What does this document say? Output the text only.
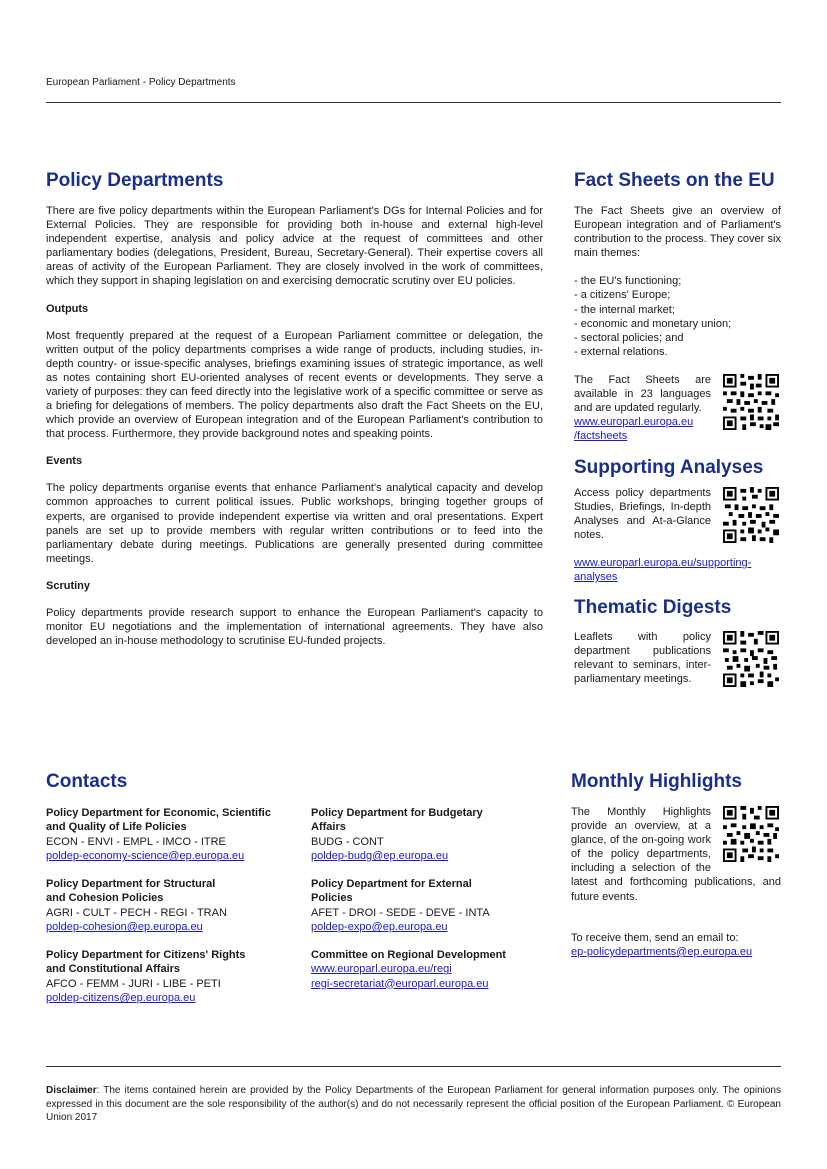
European Parliament - Policy Departments
Policy Departments

There are five policy departments within the European Parliament's DGs for Internal Policies and for External Policies. They are responsible for providing both in-house and external high-level independent expertise, analysis and policy advice at the request of committees and other parliamentary bodies (delegations, President, Bureau, Secretary-General). Their expertise covers all areas of activity of the European Parliament. They are closely involved in the work of committees, which they support in shaping legislation on and exercising democratic scrutiny over EU policies.

Outputs

Most frequently prepared at the request of a European Parliament committee or delegation, the written output of the policy departments comprises a wide range of products, including studies, in-depth country- or issue-specific analyses, briefings examining issues of strategic importance, as well as notes containing short EU-oriented analyses of recent events or developments. They serve a variety of purposes: they can feed directly into the legislative work of a specific committee or serve as a briefing for delegations of members. The policy departments also draft the Fact Sheets on the EU, which provide an overview of European integration and of the European Parliament's contribution to that process. Furthermore, they provide background notes and speaking points.

Events

The policy departments organise events that enhance Parliament's analytical capacity and develop common approaches to current political issues. Public workshops, bringing together groups of experts, are organised to provide independent expertise via written and oral presentations. Expert panels are set up to provide members with regular written contributions or to feed into the parliamentary debate during meetings. Publications are generally presented during committee meetings.

Scrutiny

Policy departments provide research support to enhance the European Parliament's capacity to monitor EU negotiations and the implementation of international agreements. They have also developed an in-house methodology to scrutinise EU-funded projects.

Fact Sheets on the EU

The Fact Sheets give an overview of European integration and of Parliament's contribution to the process. They cover six main themes:

- the EU's functioning;
- a citizens' Europe;
- the internal market;
- economic and monetary union;
- sectoral policies; and
- external relations.

The Fact Sheets are available in 23 languages and are updated regularly.

www.europarl.europa.eu
/factsheets
Supporting Analyses

Access policy departments Studies, Briefings, In-depth Analyses and At-a-Glance notes.

www.europarl.europa.eu/supporting-
analyses
Thematic Digests

Leaflets with policy department publications relevant to seminars, inter-parliamentary meetings.

Contacts
Policy Department for Economic, Scientific
and Quality of Life Policies
ECON - ENVI - EMPL - IMCO - ITRE
poldep-economy-science@ep.europa.eu
Policy Department for Structural
and Cohesion Policies
AGRI - CULT - PECH - REGI - TRAN
poldep-cohesion@ep.europa.eu
Policy Department for Citizens' Rights
and Constitutional Affairs
AFCO - FEMM - JURI - LIBE - PETI
poldep-citizens@ep.europa.eu
Policy Department for Budgetary
Affairs
BUDG - CONT
poldep-budg@ep.europa.eu
Policy Department for External
Policies
AFET - DROI - SEDE - DEVE - INTA
poldep-expo@ep.europa.eu
Committee on Regional Development
www.europarl.europa.eu/regi
regi-secretariat@europarl.europa.eu
Monthly Highlights

The Monthly Highlights provide an overview, at a glance, of the on-going work of the policy departments, including a selection of the latest and forthcoming publications, and future events.

To receive them, send an email to:
ep-policydepartments@ep.europa.eu
Disclaimer: The items contained herein are provided by the Policy Departments of the European Parliament for general information purposes only. The opinions expressed in this document are the sole responsibility of the author(s) and do not necessarily represent the official position of the European Parliament. © European Union 2017
